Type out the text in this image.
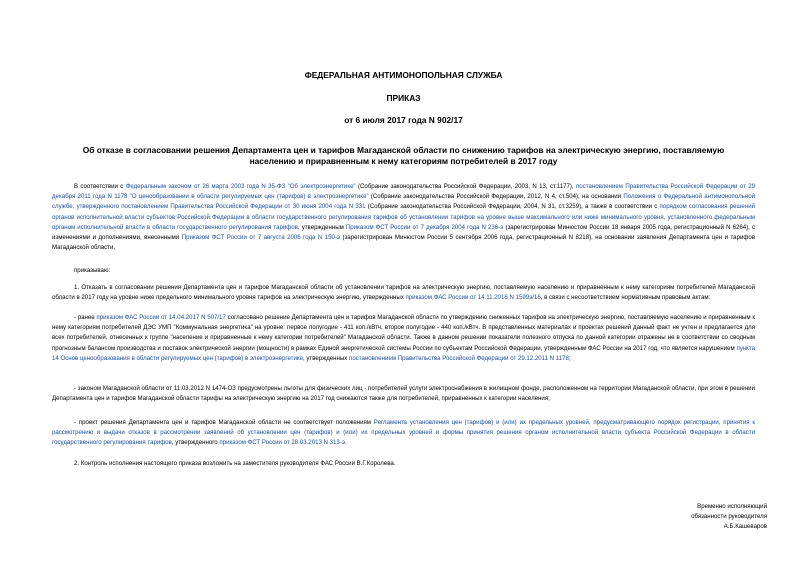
ФЕДЕРАЛЬНАЯ АНТИМОНОПОЛЬНАЯ СЛУЖБА
ПРИКАЗ
от 6 июля 2017 года N 902/17
Об отказе в согласовании решения Департамента цен и тарифов Магаданской области по снижению тарифов на электрическую энергию, поставляемую населению и приравненным к нему категориям потребителей в 2017 году

В соответствии с Федеральным законом от 26 марта 2003 года N 35-ФЗ "Об электроэнергетике" (Собрание законодательства Российской Федерации, 2003, N 13, ст.1177), постановлением Правительства Российской Федерации от 29 декабря 2011 года N 1178 "О ценообразовании в области регулируемых цен (тарифов) в электроэнергетике" (Собрание законодательства Российской Федерации, 2012, N 4, ст.504), на основании Положения о Федеральной антимонопольной службе, утвержденного постановлением Правительства Российской Федерации от 30 июня 2004 года N 331 (Собрание законодательства Российской Федерации, 2004, N 31, ст.3259), а также в соответствии с порядком согласования решений органов исполнительной власти субъектов Российской Федерации в области государственного регулирования тарифов об установлении тарифов на уровне выше максимального или ниже минимального уровня, установленного федеральным органом исполнительной власти в области государственного регулирования тарифов, утвержденным Приказом ФСТ России от 7 декабря 2004 года N 236-э (зарегистрирован Минюстом России 18 января 2005 года, регистрационный N 6264), с изменениями и дополнениями, внесенными Приказом ФСТ России от 7 августа 2006 года N 150-э (зарегистрирован Минюстом России 5 сентября 2006 года, регистрационный N 8218), на основании заявления Департамента цен и тарифов Магаданской области,

приказываю:

1. Отказать в согласовании решения Департамента цен и тарифов Магаданской области об установлении тарифов на электрическую энергию, поставляемую населению и приравненным к нему категориям потребителей Магаданской области в 2017 году на уровне ниже предельного минимального уровня тарифов на электрическую энергию, утвержденных приказом ФАС России от 14.11.2016 N 1599э/16, в связи с несоответствием нормативным правовым актам:

- ранее приказом ФАС России от 14.04.2017 N 507/17 согласовано решение Департамента цен и тарифов Магаданской области по утверждению сниженных тарифов на электрическую энергию, поставляемую населению и приравненным к нему категориям потребителей ДЭС УМП "Коммунальная энергетика" на уровне: первое полугодие - 411 коп./кВтч, второе полугодие - 440 коп./кВтч. В представленных материалах и проектах решений данный факт не учтен и предлагается для всех потребителей, отнесенных к группе "население и приравненные к нему категории потребителей" Магаданской области. Также в данном решении показатели полезного отпуска по данной категории отражены не в соответствии со сводным прогнозным балансом производства и поставок электрической энергии (мощности) в рамках Единой энергетической системы России по субъектам Российской Федерации, утвержденным ФАС России на 2017 год, что является нарушением пункта 14 Основ ценообразования в области регулируемых цен (тарифов) в электроэнергетике, утвержденных постановлением Правительства Российской Федерации от 29.12.2011 N 1178;

- законом Магаданской области от 11.03.2012 N 1474-ОЗ предусмотрены льготы для физических лиц - потребителей услуги электроснабжения в жилищном фонде, расположенном на территории Магаданской области, при этом в решении Департамента цен и тарифов Магаданской области тарифы на электрическую энергию на 2017 год снижаются также для потребителей, приравненных к категории населения;

- проект решения Департамента цен и тарифов Магаданской области не соответствует положениям Регламента установления цен (тарифов) и (или) их предельных уровней, предусматривающего порядок регистрации, принятия к рассмотрению и выдачи отказов в рассмотрении заявлений об установлении цен (тарифов) и (или) их предельных уровней и формы принятия решения органом исполнительной власти субъекта Российской Федерации в области государственного регулирования тарифов, утвержденного приказом ФСТ России от 28.03.2013 N 313-э.

2. Контроль исполнения настоящего приказа возложить на заместителя руководителя ФАС России В.Г.Королева.

Временно исполняющий
обязанности руководителя
А.Б.Кашеваров
